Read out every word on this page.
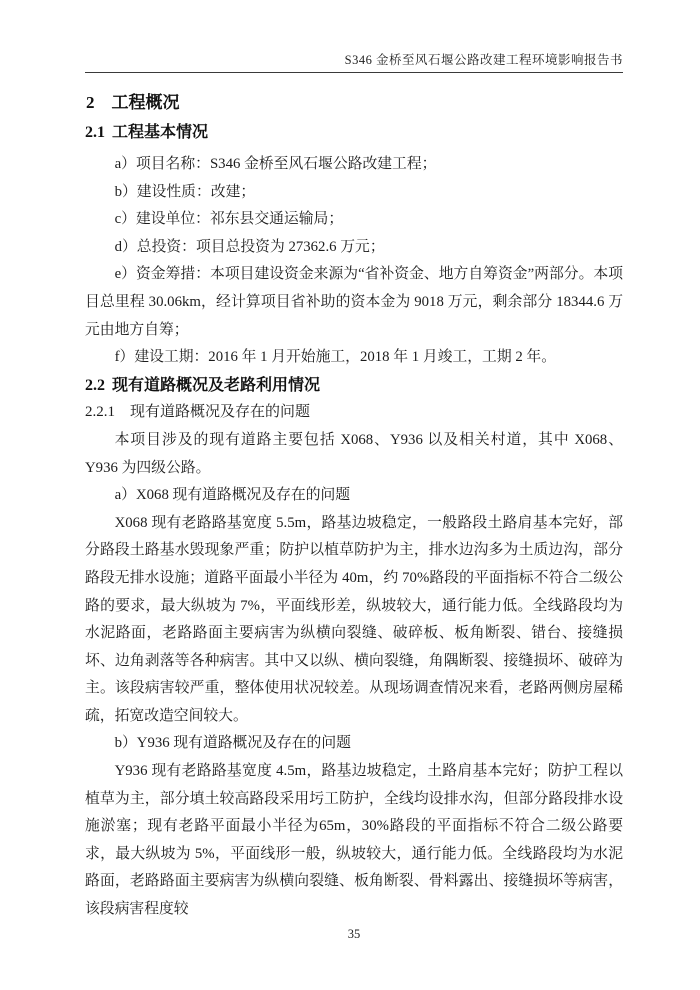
S346 金桥至风石堰公路改建工程环境影响报告书
2 工程概况
2.1 工程基本情况

a）项目名称：S346 金桥至风石堰公路改建工程；

b）建设性质：改建；

c）建设单位：祁东县交通运输局；

d）总投资：项目总投资为 27362.6 万元；

e）资金筹措：本项目建设资金来源为“省补资金、地方自筹资金”两部分。本项目总里程 30.06km，经计算项目省补助的资本金为 9018 万元，剩余部分 18344.6 万元由地方自筹；

f）建设工期：2016 年 1 月开始施工，2018 年 1 月竣工，工期 2 年。

2.2 现有道路概况及老路利用情况
2.2.1 现有道路概况及存在的问题

本项目涉及的现有道路主要包括 X068、Y936 以及相关村道，其中 X068、Y936 为四级公路。

a）X068 现有道路概况及存在的问题

X068 现有老路路基宽度 5.5m，路基边坡稳定，一般路段土路肩基本完好，部分路段土路基水毁现象严重；防护以植草防护为主，排水边沟多为土质边沟，部分路段无排水设施；道路平面最小半径为 40m，约 70%路段的平面指标不符合二级公路的要求，最大纵坡为 7%，平面线形差，纵坡较大，通行能力低。全线路段均为水泥路面，老路路面主要病害为纵横向裂缝、破碎板、板角断裂、错台、接缝损坏、边角剥落等各种病害。其中又以纵、横向裂缝，角隅断裂、接缝损坏、破碎为主。该段病害较严重，整体使用状况较差。从现场调查情况来看，老路两侧房屋稀疏，拓宽改造空间较大。

b）Y936 现有道路概况及存在的问题

Y936 现有老路路基宽度 4.5m，路基边坡稳定，土路肩基本完好；防护工程以植草为主，部分填土较高路段采用圬工防护，全线均设排水沟，但部分路段排水设施淤塞；现有老路平面最小半径为65m，30%路段的平面指标不符合二级公路要求，最大纵坡为 5%，平面线形一般，纵坡较大，通行能力低。全线路段均为水泥路面，老路路面主要病害为纵横向裂缝、板角断裂、骨料露出、接缝损坏等病害，该段病害程度较

35
